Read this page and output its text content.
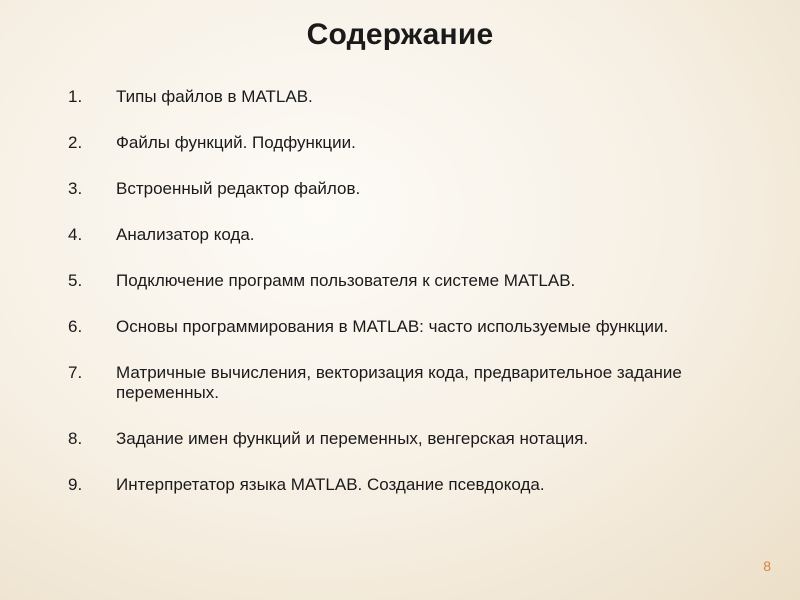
Содержание
1.	Типы файлов в MATLAB.
2.	Файлы функций. Подфункции.
3.	Встроенный редактор файлов.
4.	Анализатор кода.
5.	Подключение программ пользователя к системе MATLAB.
6.	Основы программирования в MATLAB: часто используемые функции.
7.	Матричные вычисления, векторизация кода, предварительное задание переменных.
8.	Задание имен функций и переменных, венгерская нотация.
9.	Интерпретатор языка MATLAB. Создание псевдокода.
8
